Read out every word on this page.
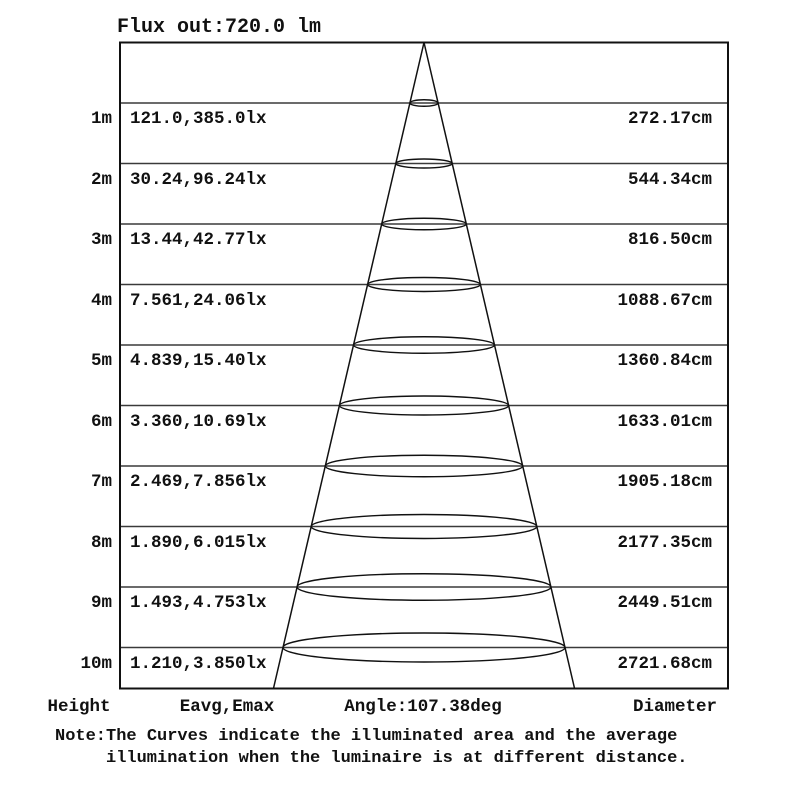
Flux out:720.0 lm
1m 121.0,385.0lx	272.17cm
2m 30.24,96.24lx	544.34cm
3m 13.44,42.77lx	816.50cm
4m 7.561,24.06lx	1088.67cm
5m 4.839,15.40lx	1360.84cm
6m 3.360,10.69lx	1633.01cm
7m 2.469,7.856lx	1905.18cm
8m 1.890,6.015lx	2177.35cm
9m 1.493,4.753lx	2449.51cm
10m 1.210,3.850lx	2721.68cm
Height	Eavg,Emax	Angle:107.38deg	Diameter
Note:The Curves indicate the illuminated area and the average
illumination when the luminaire is at different distance.
